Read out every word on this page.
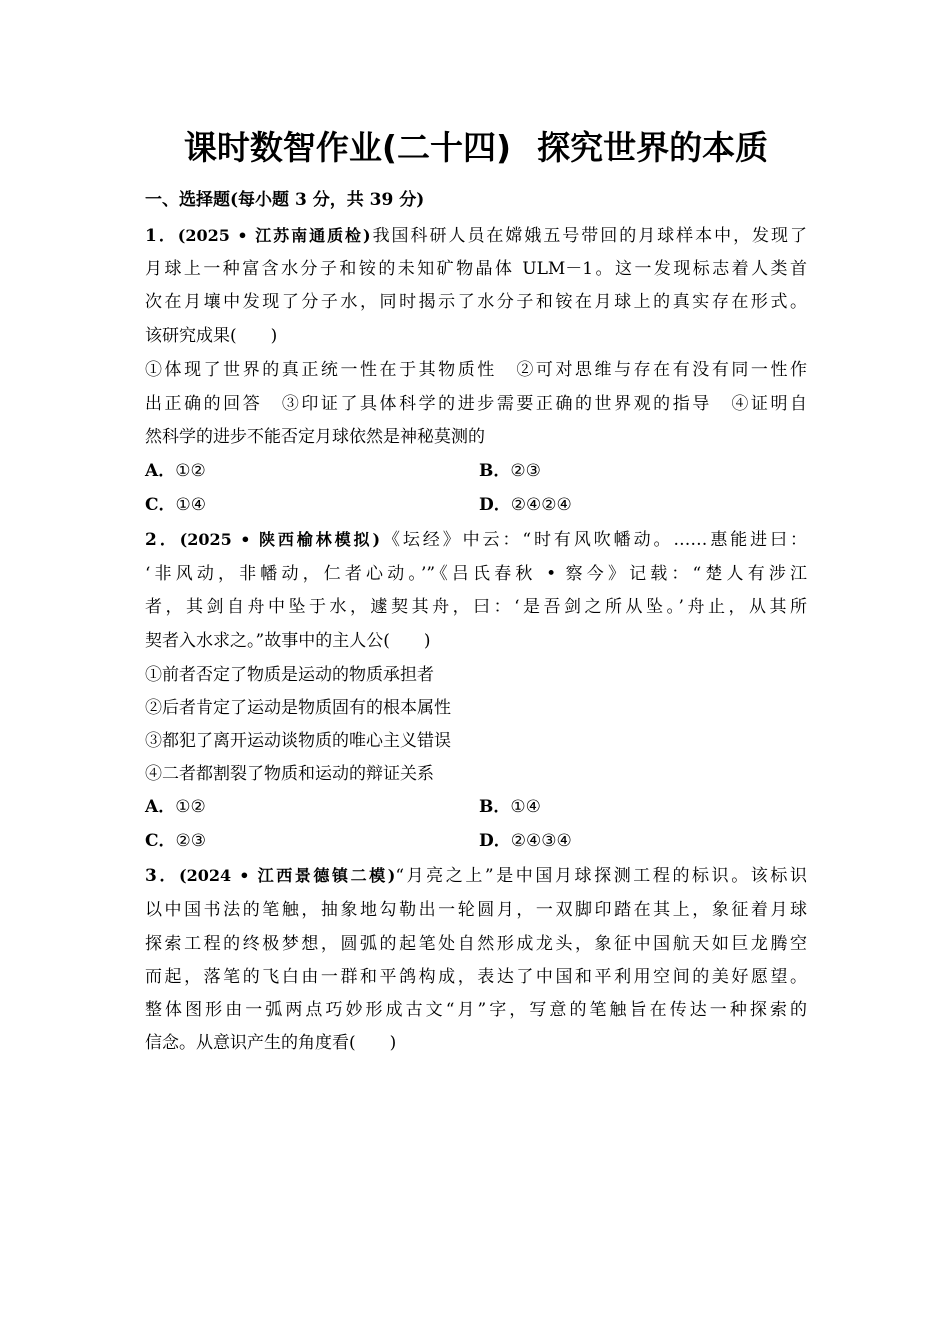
课时数智作业(二十四) 探究世界的本质
一、选择题(每小题 3 分，共 39 分)
1．(2025 • 江苏南通质检)我国科研人员在嫦娥五号带回的月球样本中，发现了
月球上一种富含水分子和铵的未知矿物晶体 ULM－1。这一发现标志着人类首
次在月壤中发现了分子水，同时揭示了水分子和铵在月球上的真实存在形式。
该研究成果(　　)
①体现了世界的真正统一性在于其物质性　②可对思维与存在有没有同一性作
出正确的回答　③印证了具体科学的进步需要正确的世界观的指导　④证明自
然科学的进步不能否定月球依然是神秘莫测的
A．①②	B．②③
C．①④	D．②④②④
2．(2025 • 陕西榆林模拟)《坛经》中云：“时有风吹幡动。……惠能进曰：
‘非风动，非幡动，仁者心动。’”《吕氏春秋 • 察今》记载：“楚人有涉江
者，其剑自舟中坠于水，遽契其舟，曰：‘是吾剑之所从坠。’舟止，从其所
契者入水求之。”故事中的主人公(　　)
①前者否定了物质是运动的物质承担者
②后者肯定了运动是物质固有的根本属性
③都犯了离开运动谈物质的唯心主义错误
④二者都割裂了物质和运动的辩证关系
A．①②	B．①④
C．②③	D．②④③④
3．(2024 • 江西景德镇二模)“月亮之上”是中国月球探测工程的标识。该标识
以中国书法的笔触，抽象地勾勒出一轮圆月，一双脚印踏在其上，象征着月球
探索工程的终极梦想，圆弧的起笔处自然形成龙头，象征中国航天如巨龙腾空
而起，落笔的飞白由一群和平鸽构成，表达了中国和平利用空间的美好愿望。
整体图形由一弧两点巧妙形成古文“月”字，写意的笔触旨在传达一种探索的
信念。从意识产生的角度看(　　)
